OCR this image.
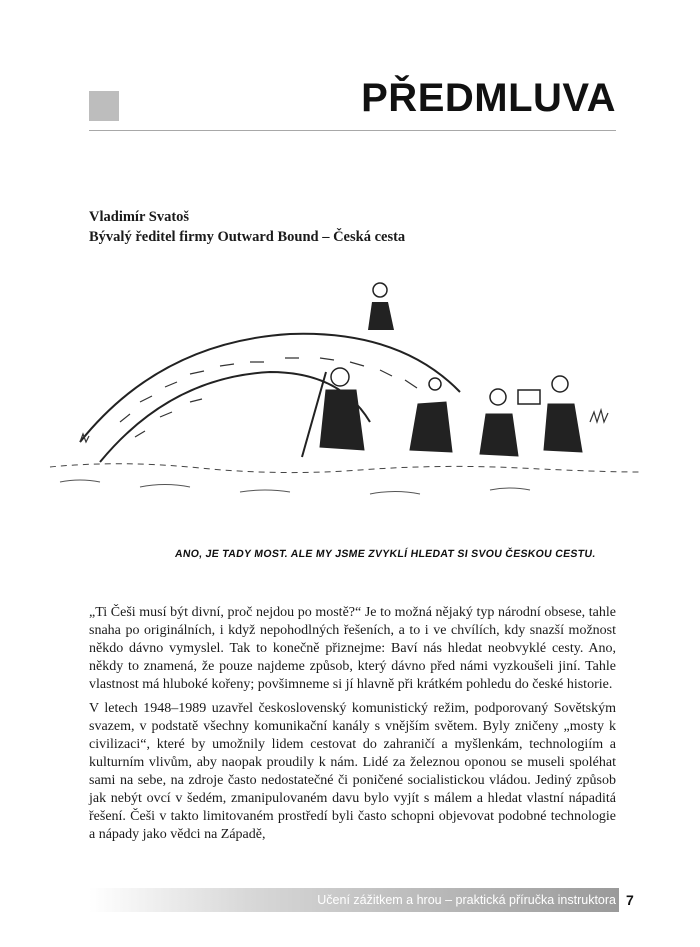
PŘEDMLUVA
Vladimír Svatoš
Bývalý ředitel firmy Outward Bound – Česká cesta
ANO, JE TADY MOST. ALE MY JSME ZVYKLÍ HLEDAT SI SVOU ČESKOU CESTU.

„Ti Češi musí být divní, proč nejdou po mostě?“ Je to možná nějaký typ národní obsese, tahle snaha po originálních, i když nepohodlných řešeních, a to i ve chvílích, kdy snazší možnost někdo dávno vymyslel. Tak to konečně přiznejme: Baví nás hledat neobvyklé cesty. Ano, někdy to znamená, že pouze najdeme způsob, který dávno před námi vyzkoušeli jiní. Tahle vlastnost má hluboké kořeny; povšimneme si jí hlavně při krátkém pohledu do české historie.

V letech 1948–1989 uzavřel československý komunistický režim, podporovaný Sovětským svazem, v podstatě všechny komunikační kanály s vnějším světem. Byly zničeny „mosty k civilizaci“, které by umožnily lidem cestovat do zahraničí a myšlenkám, technologiím a kulturním vlivům, aby naopak proudily k nám. Lidé za železnou oponou se museli spoléhat sami na sebe, na zdroje často nedostatečné či poničené socialistickou vládou. Jediný způsob jak nebýt ovcí v šedém, zmanipulovaném davu bylo vyjít s málem a hledat vlastní nápaditá řešení. Češi v takto limitovaném prostředí byli často schopni objevovat podobné technologie a nápady jako vědci na Západě,

Učení zážitkem a hrou – praktická příručka instruktora 7
